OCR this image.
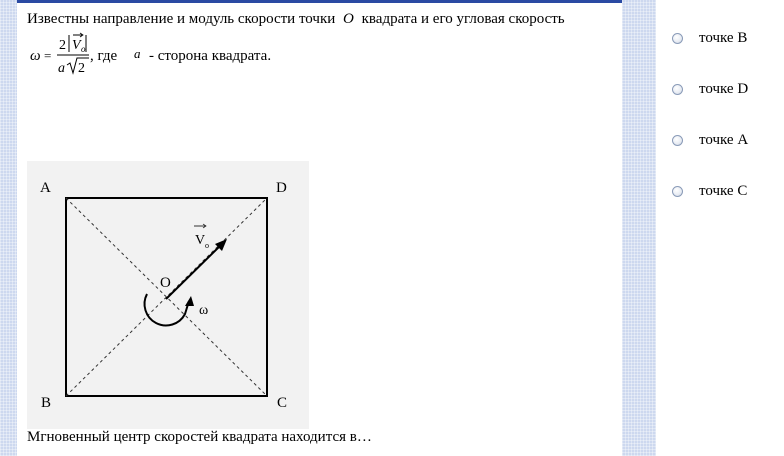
Известны направление и модуль скорости точки O квадрата и его угловая скорость
ω =
2 V o
a 2
, где a - сторона квадрата.
A	D
B	C
O
V o
ω
Мгновенный центр скоростей квадрата находится в…
точке B
точке D
точке A
точке C
